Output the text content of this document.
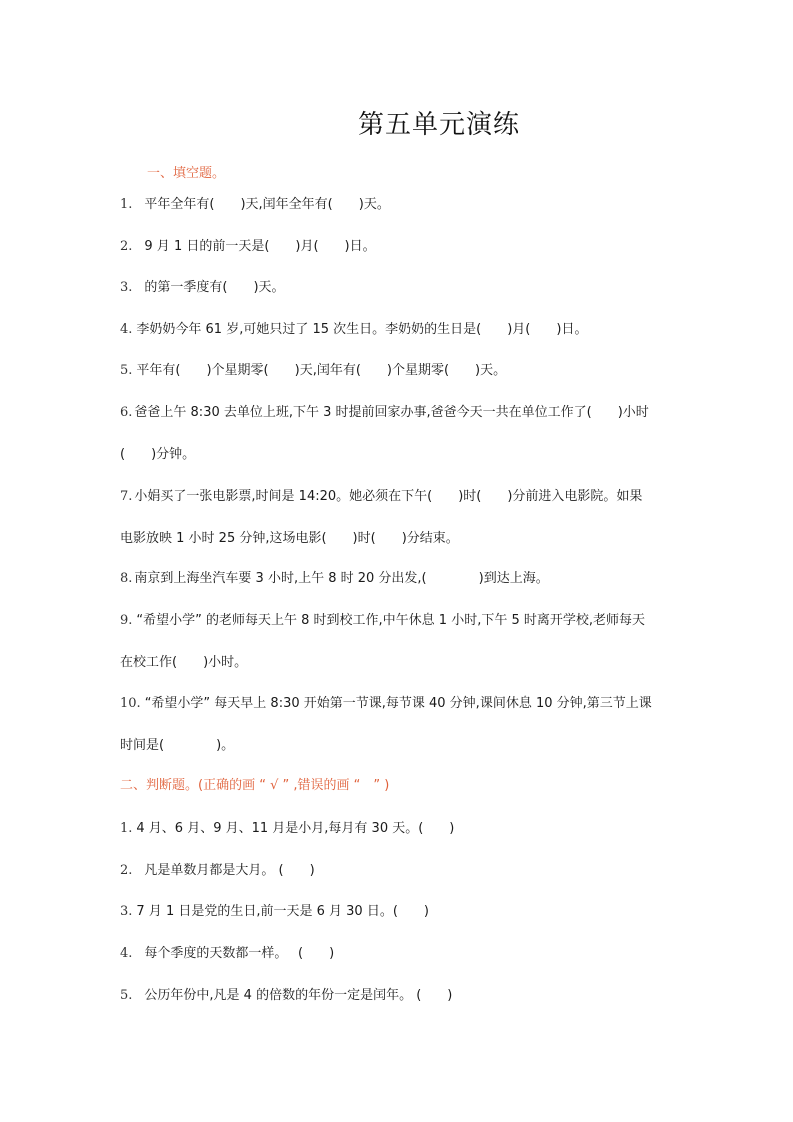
第五单元演练
一、填空题。
1. 平年全年有(　　)天,闰年全年有(　　)天。
2. 9 月 1 日的前一天是(　　)月(　　)日。
3. 的第一季度有(　　)天。
4. 李奶奶今年 61 岁,可她只过了 15 次生日。李奶奶的生日是(　　)月(　　)日。
5. 平年有(　　)个星期零(　　)天,闰年有(　　)个星期零(　　)天。
6. 爸爸上午 8:30 去单位上班,下午 3 时提前回家办事,爸爸今天一共在单位工作了(　　)小时
(　　)分钟。
7. 小娟买了一张电影票,时间是 14:20。她必须在下午(　　)时(　　)分前进入电影院。如果
电影放映 1 小时 25 分钟,这场电影(　　)时(　　)分结束。
8. 南京到上海坐汽车要 3 小时,上午 8 时 20 分出发,(　　　　)到达上海。
9. “希望小学” 的老师每天上午 8 时到校工作,中午休息 1 小时,下午 5 时离开学校,老师每天
在校工作(　　)小时。
10. “希望小学” 每天早上 8:30 开始第一节课,每节课 40 分钟,课间休息 10 分钟,第三节上课
时间是(　　　　)。
二、判断题。(正确的画 “ √ ” ,错误的画 “　” )
1. 4 月、6 月、9 月、11 月是小月,每月有 30 天。(　　)
2. 凡是单数月都是大月。 (　　)
3. 7 月 1 日是党的生日,前一天是 6 月 30 日。(　　)
4. 每个季度的天数都一样。　 (　　)
5. 公历年份中,凡是 4 的倍数的年份一定是闰年。 (　　)
